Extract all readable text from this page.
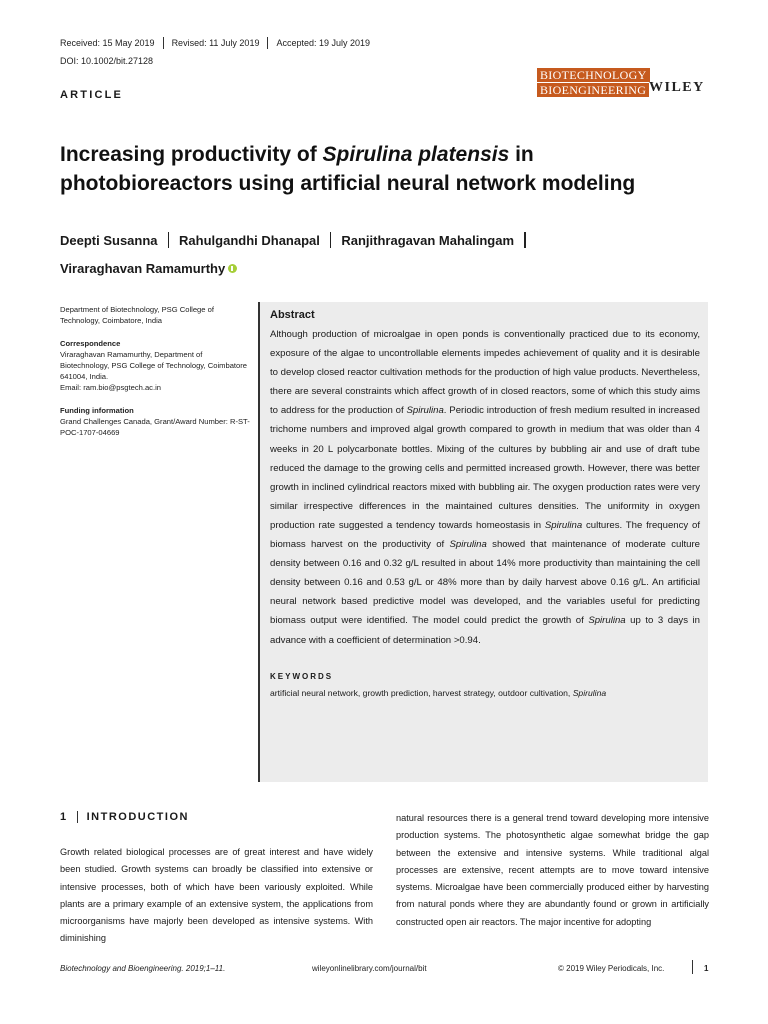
Received: 15 May 2019 Revised: 11 July 2019 Accepted: 19 July 2019
DOI: 10.1002/bit.27128
ARTICLE
BIOTECHNOLOGY
BIOENGINEERING WILEY
Increasing productivity of Spirulina platensis in photobioreactors using artificial neural network modeling
Deepti Susanna Rahulgandhi Dhanapal Ranjithragavan Mahalingam
Viraraghavan Ramamurthy
Department of Biotechnology, PSG College of Technology, Coimbatore, India
Correspondence
Viraraghavan Ramamurthy, Department of Biotechnology, PSG College of Technology, Coimbatore 641004, India.
Email: ram.bio@psgtech.ac.in
Funding information
Grand Challenges Canada, Grant/Award Number: R-ST-POC-1707-04669
Abstract
Although production of microalgae in open ponds is conventionally practiced due to its economy, exposure of the algae to uncontrollable elements impedes achievement of quality and it is desirable to develop closed reactor cultivation methods for the production of high value products. Nevertheless, there are several constraints which affect growth of in closed reactors, some of which this study aims to address for the production of Spirulina. Periodic introduction of fresh medium resulted in increased trichome numbers and improved algal growth compared to growth in medium that was older than 4 weeks in 20 L polycarbonate bottles. Mixing of the cultures by bubbling air and use of draft tube reduced the damage to the growing cells and permitted increased growth. However, there was better growth in inclined cylindrical reactors mixed with bubbling air. The oxygen production rates were very similar irrespective differences in the maintained cultures densities. The uniformity in oxygen production rate suggested a tendency towards homeostasis in Spirulina cultures. The frequency of biomass harvest on the productivity of Spirulina showed that maintenance of moderate culture density between 0.16 and 0.32 g/L resulted in about 14% more productivity than maintaining the cell density between 0.16 and 0.53 g/L or 48% more than by daily harvest above 0.16 g/L. An artificial neural network based predictive model was developed, and the variables useful for predicting biomass output were identified. The model could predict the growth of Spirulina up to 3 days in advance with a coefficient of determination >0.94.
KEYWORDS
artificial neural network, growth prediction, harvest strategy, outdoor cultivation, Spirulina
1 INTRODUCTION
Growth related biological processes are of great interest and have widely been studied. Growth systems can broadly be classified into extensive or intensive processes, both of which have been variously exploited. While plants are a primary example of an extensive system, the applications from microorganisms have majorly been developed as intensive systems. With diminishing
natural resources there is a general trend toward developing more intensive production systems. The photosynthetic algae somewhat bridge the gap between the extensive and intensive systems. While traditional algal processes are extensive, recent attempts are to move toward intensive systems. Microalgae have been commercially produced either by harvesting from natural ponds where they are abundantly found or grown in artificially constructed open air reactors. The major incentive for adopting
Biotechnology and Bioengineering. 2019;1–11.	wileyonlinelibrary.com/journal/bit	© 2019 Wiley Periodicals, Inc.	1
